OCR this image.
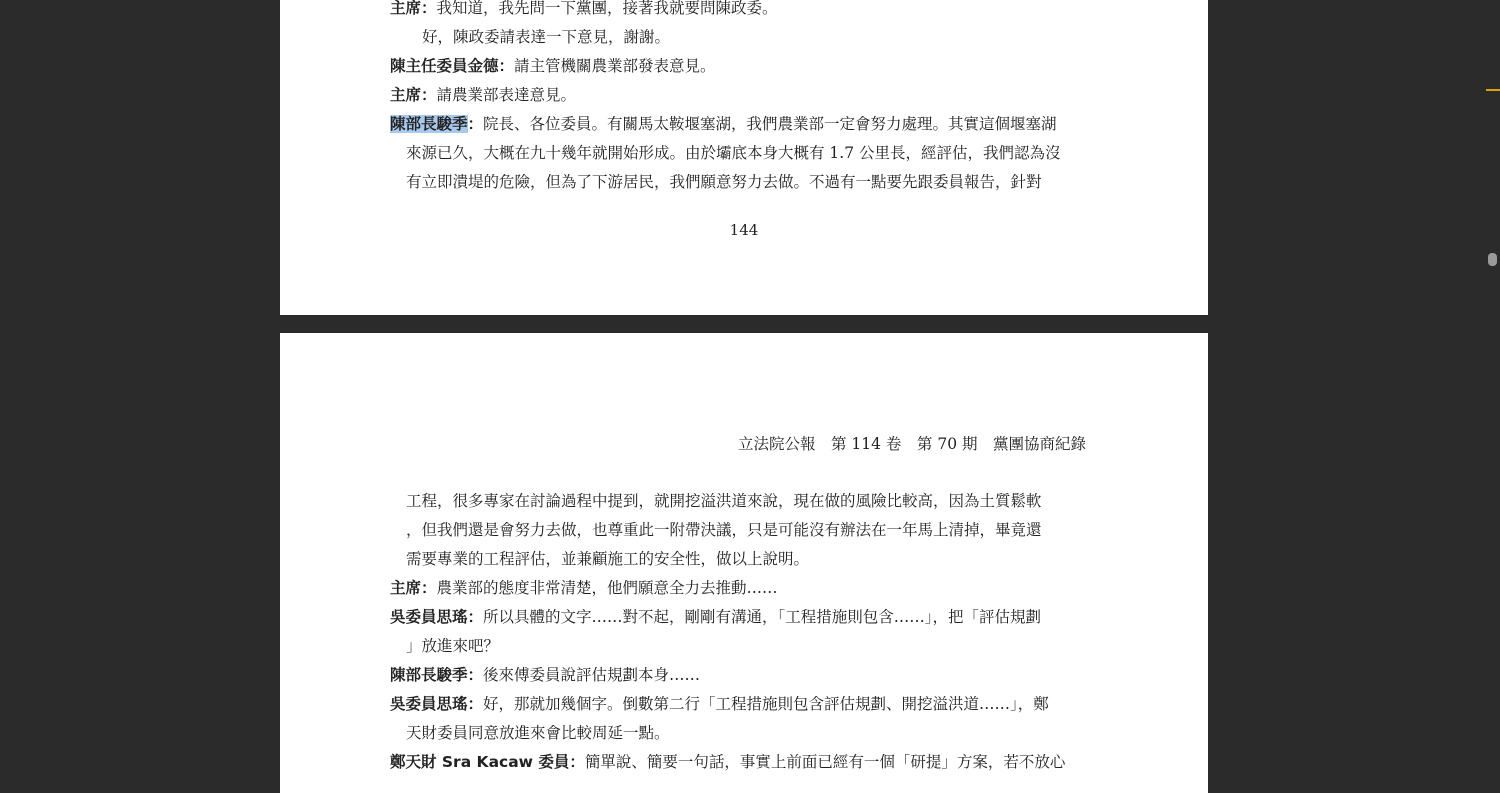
主席：我知道，我先問一下黨團，接著我就要問陳政委。
好，陳政委請表達一下意見，謝謝。
陳主任委員金德：請主管機關農業部發表意見。
主席：請農業部表達意見。
陳部長駿季：院長、各位委員。有關馬太鞍堰塞湖，我們農業部一定會努力處理。其實這個堰塞湖
來源已久，大概在九十幾年就開始形成。由於壩底本身大概有 1.7 公里長，經評估，我們認為沒
有立即潰堤的危險，但為了下游居民，我們願意努力去做。不過有一點要先跟委員報告，針對
144
立法院公報　第 114 卷　第 70 期　黨團協商紀錄
工程，很多專家在討論過程中提到，就開挖溢洪道來說，現在做的風險比較高，因為土質鬆軟
，但我們還是會努力去做，也尊重此一附帶決議，只是可能沒有辦法在一年馬上清掉，畢竟還
需要專業的工程評估，並兼顧施工的安全性，做以上說明。
主席：農業部的態度非常清楚，他們願意全力去推動……
吳委員思瑤：所以具體的文字……對不起，剛剛有溝通，「工程措施則包含……」，把「評估規劃
」放進來吧？
陳部長駿季：後來傅委員說評估規劃本身……
吳委員思瑤：好，那就加幾個字。倒數第二行「工程措施則包含評估規劃、開挖溢洪道……」，鄭
天財委員同意放進來會比較周延一點。
鄭天財 Sra Kacaw 委員：簡單說、簡要一句話，事實上前面已經有一個「研提」方案，若不放心
